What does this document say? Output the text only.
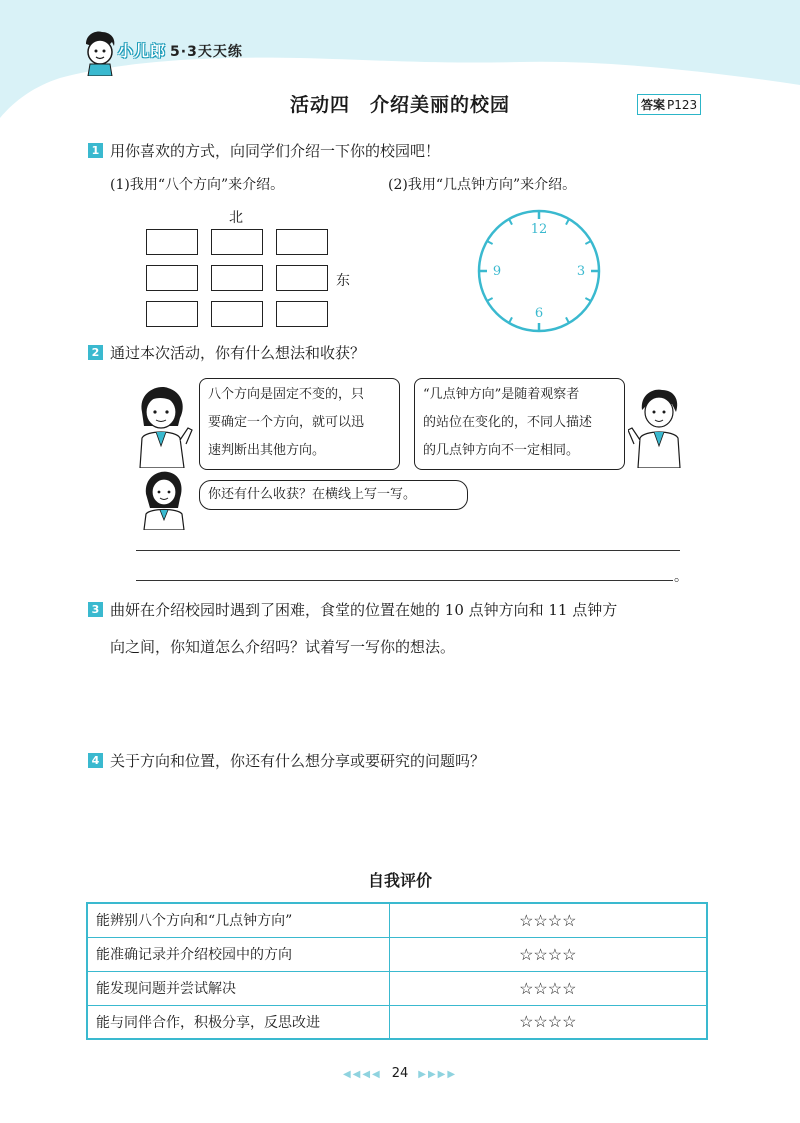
小儿郎 5·3天天练
活动四　介绍美丽的校园	答案 P123
1 用你喜欢的方式，向同学们介绍一下你的校园吧！
(1)我用“八个方向”来介绍。	(2)我用“几点钟方向”来介绍。
北
东
12
3
6
9
2 通过本次活动，你有什么想法和收获？
八个方向是固定不变的，只
要确定一个方向，就可以迅
速判断出其他方向。
“几点钟方向”是随着观察者
的站位在变化的，不同人描述
的几点钟方向不一定相同。
你还有什么收获？在横线上写一写。
。
3 曲妍在介绍校园时遇到了困难，食堂的位置在她的 10 点钟方向和 11 点钟方
向之间，你知道怎么介绍吗？试着写一写你的想法。
4 关于方向和位置，你还有什么想分享或要研究的问题吗？
自我评价
能辨别八个方向和“几点钟方向”	☆☆☆☆
能准确记录并介绍校园中的方向	☆☆☆☆
能发现问题并尝试解决	☆☆☆☆
能与同伴合作，积极分享，反思改进	☆☆☆☆
◀◀◀◀ 24 ▶▶▶▶
